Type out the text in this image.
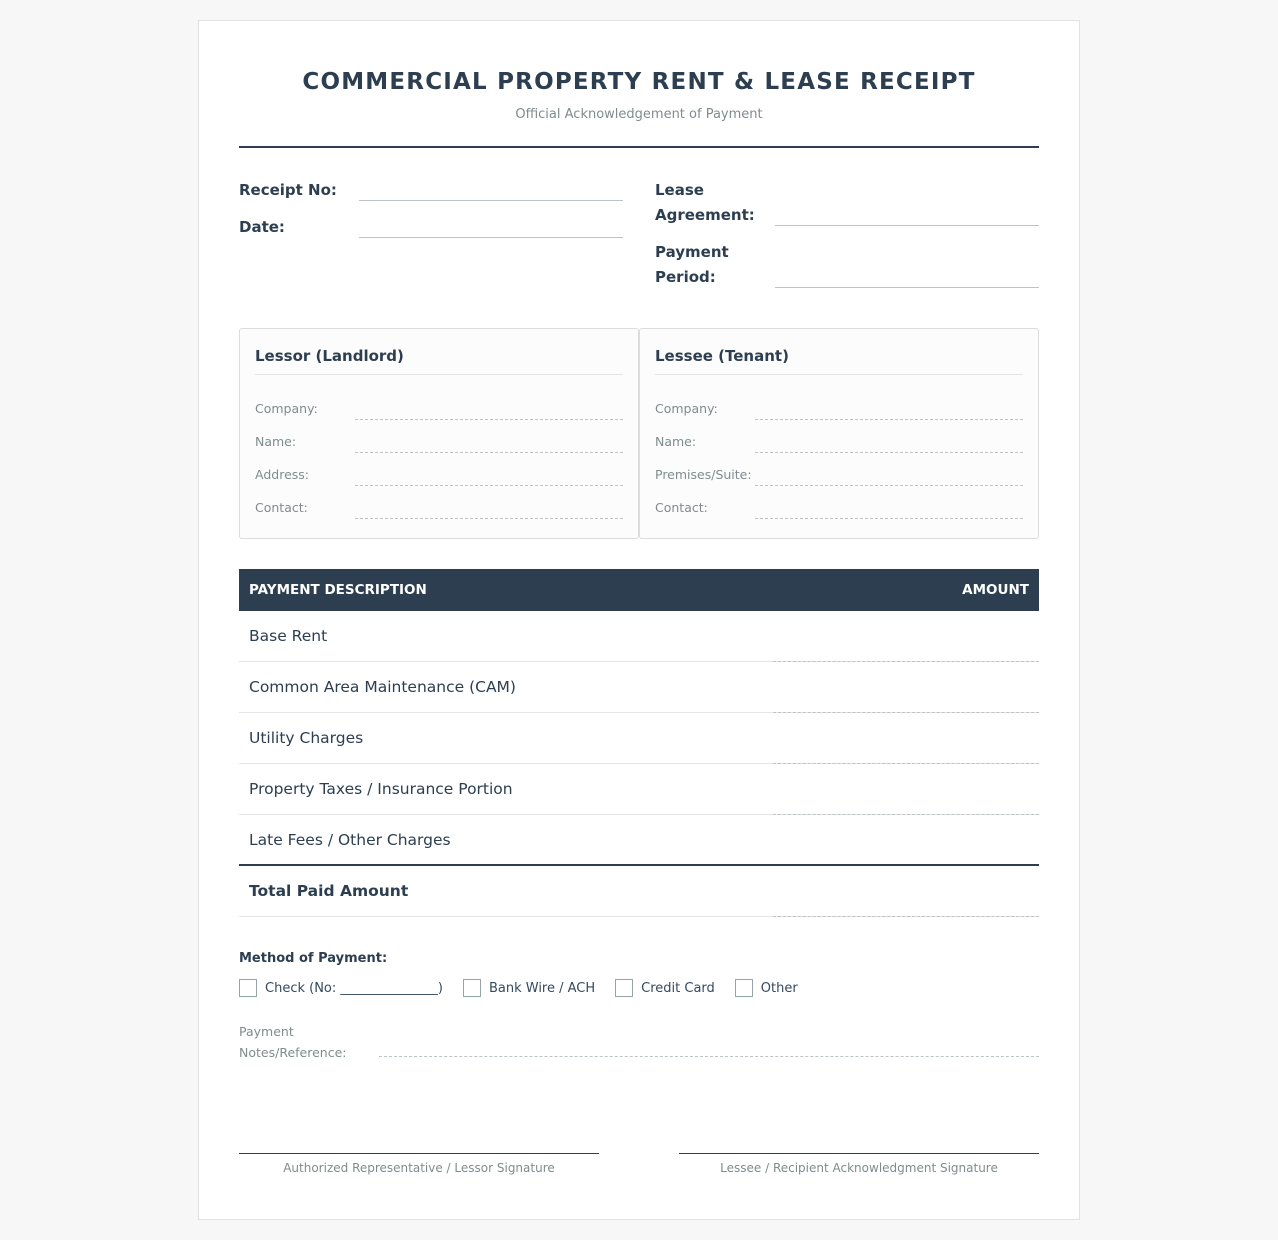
COMMERCIAL PROPERTY RENT & LEASE RECEIPT
Official Acknowledgement of Payment
Receipt No:
Date:
Lease
Agreement:
Payment
Period:
Lessor (Landlord)
Company:
Name:
Address:
Contact:
Lessee (Tenant)
Company:
Name:
Premises/Suite:
Contact:
PAYMENT DESCRIPTION	AMOUNT
Base Rent
Common Area Maintenance (CAM)
Utility Charges
Property Taxes / Insurance Portion
Late Fees / Other Charges
Total Paid Amount
Method of Payment:
Check (No: _______________)	Bank Wire / ACH	Credit Card	Other
Payment
Notes/Reference:
Authorized Representative / Lessor Signature	Lessee / Recipient Acknowledgment Signature
